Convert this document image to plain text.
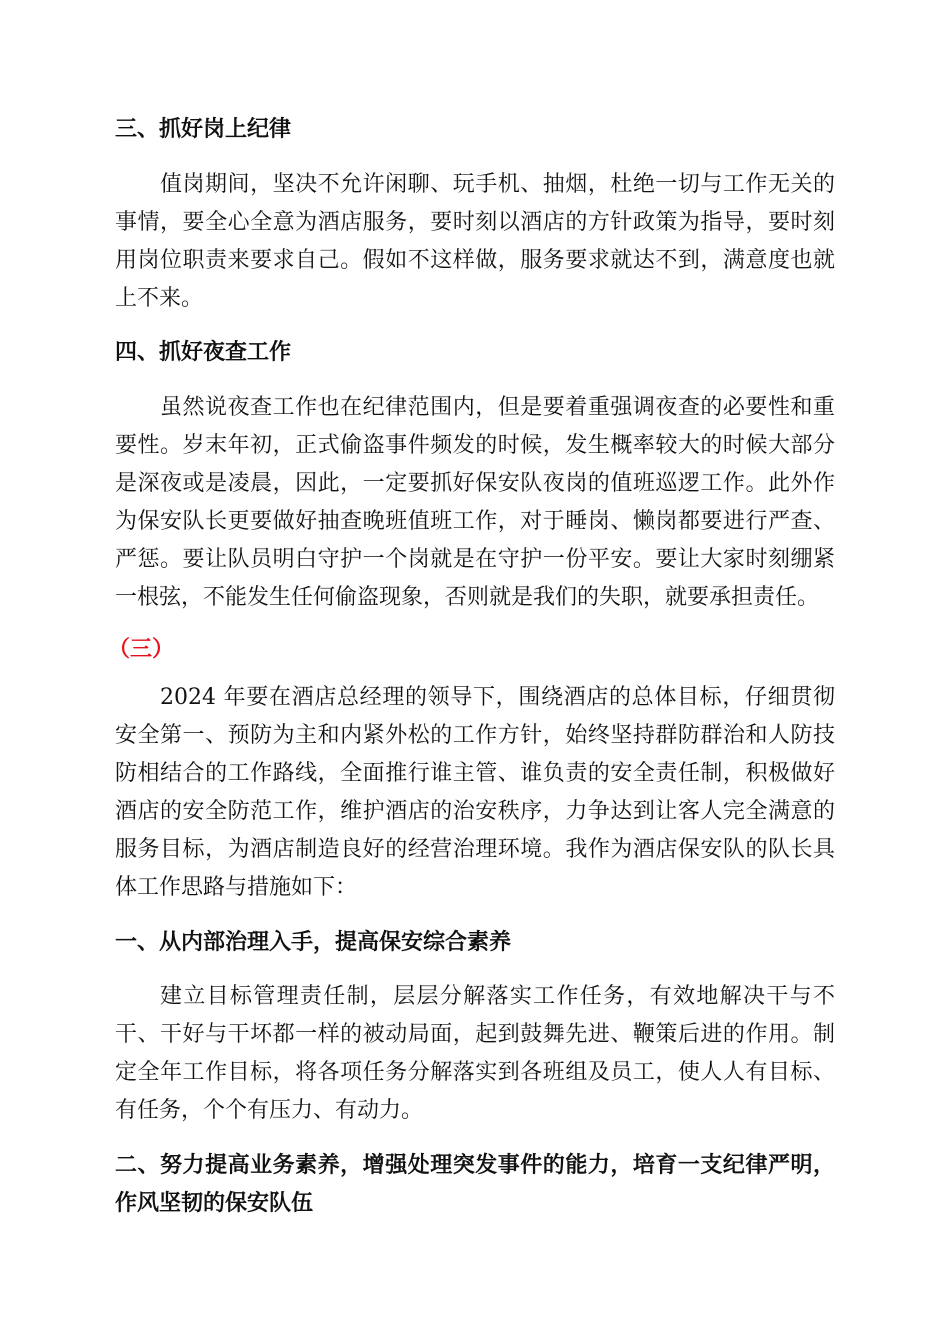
三、抓好岗上纪律
值岗期间，坚决不允许闲聊、玩手机、抽烟，杜绝一切与工作无关的
事情，要全心全意为酒店服务，要时刻以酒店的方针政策为指导，要时刻
用岗位职责来要求自己。假如不这样做，服务要求就达不到，满意度也就
上不来。
四、抓好夜查工作
虽然说夜查工作也在纪律范围内，但是要着重强调夜查的必要性和重
要性。岁末年初，正式偷盗事件频发的时候，发生概率较大的时候大部分
是深夜或是凌晨，因此，一定要抓好保安队夜岗的值班巡逻工作。此外作
为保安队长更要做好抽查晚班值班工作，对于睡岗、懒岗都要进行严查、
严惩。要让队员明白守护一个岗就是在守护一份平安。要让大家时刻绷紧
一根弦，不能发生任何偷盗现象，否则就是我们的失职，就要承担责任。
（三）
2024 年要在酒店总经理的领导下，围绕酒店的总体目标，仔细贯彻
安全第一、预防为主和内紧外松的工作方针，始终坚持群防群治和人防技
防相结合的工作路线，全面推行谁主管、谁负责的安全责任制，积极做好
酒店的安全防范工作，维护酒店的治安秩序，力争达到让客人完全满意的
服务目标，为酒店制造良好的经营治理环境。我作为酒店保安队的队长具
体工作思路与措施如下：
一、从内部治理入手，提高保安综合素养
建立目标管理责任制，层层分解落实工作任务，有效地解决干与不
干、干好与干坏都一样的被动局面，起到鼓舞先进、鞭策后进的作用。制
定全年工作目标，将各项任务分解落实到各班组及员工，使人人有目标、
有任务，个个有压力、有动力。
二、努力提高业务素养，增强处理突发事件的能力，培育一支纪律严明，
作风坚韧的保安队伍
